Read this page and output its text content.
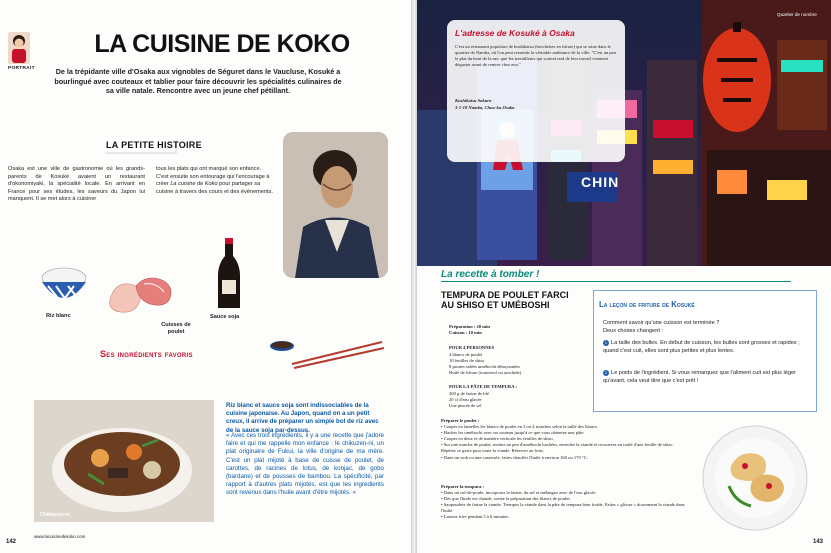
PORTRAIT
LA CUISINE DE KOKO
De la trépidante ville d'Osaka aux vignobles de Séguret dans le Vaucluse, Kosuké a bourlingué avec couteaux et tablier pour faire découvrir les spécialités culinaires de sa ville natale. Rencontre avec un jeune chef pétillant.
LA PETITE HISTOIRE
Osaka est une ville de gastronomie où les grands-parents de Kosuké avaient un restaurant d'okonomiyaki, la spécialité locale. En arrivant en France pour ses études, les saveurs du Japon lui manquent. Il se met alors à cuisiner
tous les plats qui ont marqué son enfance. C'est ensuite son entourage qui l'encourage à créer La cuisine de Koko pour partager sa cuisine à travers des cours et des événements.
Riz blanc
Cuisses de poulet
Sauce soja
Ses ingrédients favoris
Chikuzen-ni.
Riz blanc et sauce soja sont indissociables de la cuisine japonaise. Au Japon, quand on a un petit creux, il arrive de préparer un simple bol de riz avec de la sauce soja par-dessus.
« Avec ces trois ingrédients, il y a une recette que j'adore faire et qui me rappelle mon enfance : le chikuzen-ni, un plat originaire de Fukui, la ville d'origine de ma mère. C'est un plat mijoté à base de cuisse de poulet, de carottes, de racines de lotus, de konjac, de gobo (bardane) et de pousses de bambou. La spécificité, par rapport à d'autres plats mijotés, est que les ingrédients sont revenus dans l'huile avant d'être mijotés. »
www.lacuisinedekoko.com
142
CHIN
Quartier de nombre
L'adresse de Kosuké à Osaka
C'est un restaurant populaire de kushikatsu (brochettes en friture) qui se situe dans le quartier de Namba, où l'on peut ressentir la véritable ambiance de la ville. "C'est un peu le plat du bout de la rue, que les travailleurs qui sortent tard de leur travail viennent déguster avant de rentrer chez eux."
Kushikatsu Sakura
3-1-18 Namba, Chuo-ku Osaka
La recette à tomber !
TEMPURA DE POULET FARCI AU SHISO ET UMÉBOSHI
Préparation : 20 min
Cuisson : 10 min
POUR 4 PERSONNES
4 blancs de poulet
10 feuilles de shiso
8 prunes salées umébochi dénoyautées
Huile de friture (tournesol ou arachide)
POUR LA PÂTE DE TEMPURA :
200 g de farine de blé
20 cl d'eau glacée
Une pincée de sel
Préparer le poulet :
• Couper en lamelles les blancs de poulet en 3 ou 4 tranches selon la taille des blancs.
• Hacher les umébochi avec un couteau jusqu'à ce que vous obteniez une pâte.
• Couper en deux et de manière verticale les feuilles de shiso.
• Sur une tranche de poulet, mettez un peu d'umébochi hachées, enroulez la viande et recouvrez en roulé d'une feuille de shiso. Répétez ce geste pour toute la viande. Réserver au frais.
• Dans un wok ou une casserole, faites chauffer l'huile à environ 160 ou 170 °C.
Préparer la tempura :
• Dans un cul-de-poule, incorporez la farine, du sel et mélangez avec de l'eau glacée.
• Dès que l'huile est chaude, sortez la préparation des blancs de poulet.
• Saupoudrez de farine la viande. Trempez la viande dans la pâte de tempura bien froide. Faites « glisser » doucement la viande dans l'huile.
• Laissez frire pendant 5 à 6 minutes.
La leçon de friture de Kosuké
Comment savoir qu'une cuisson est terminée ?
Deux choses changent :
1 La taille des bulles. En début de cuisson, les bulles sont grosses et rapides ; quand c'est cuit, elles sont plus petites et plus lentes.
2 Le poids de l'ingrédient. Si vous remarquez que l'aliment cuit est plus léger qu'avant, cela veut dire que c'est prêt !
143
